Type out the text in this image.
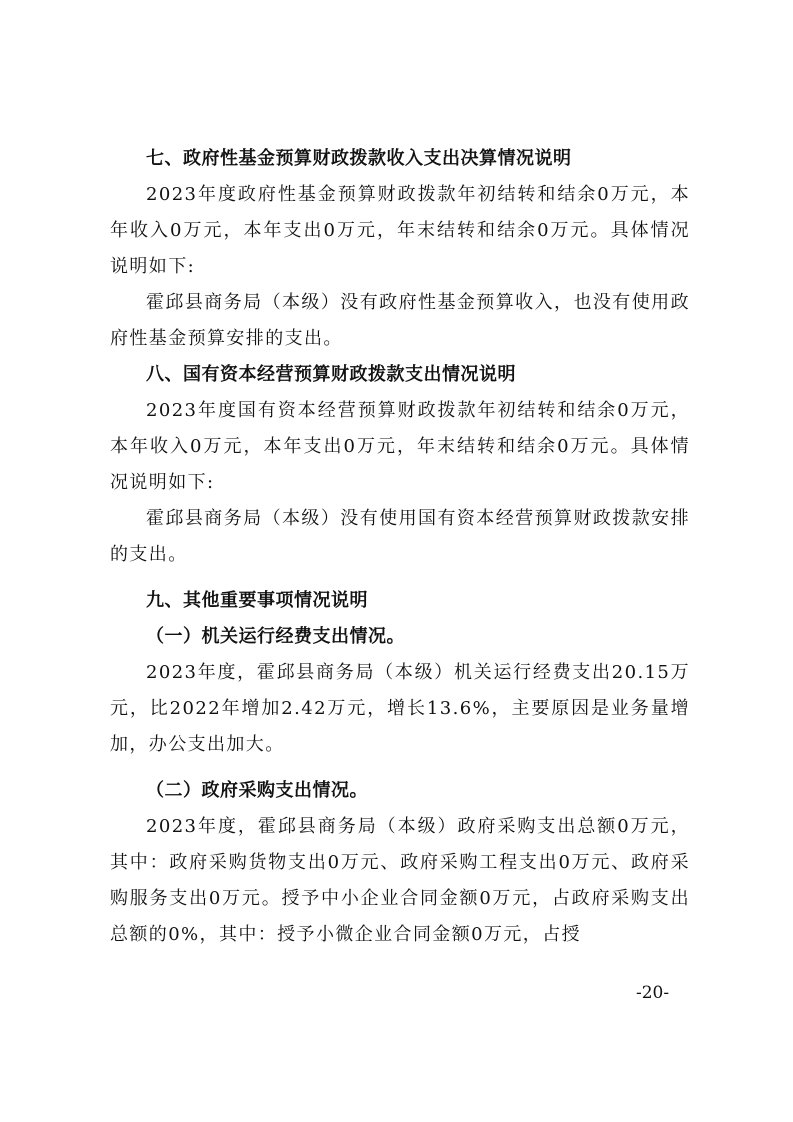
七、政府性基金预算财政拨款收入支出决算情况说明

2023年度政府性基金预算财政拨款年初结转和结余0万元，本年收入0万元，本年支出0万元，年末结转和结余0万元。具体情况说明如下:

霍邱县商务局（本级）没有政府性基金预算收入，也没有使用政府性基金预算安排的支出。

八、国有资本经营预算财政拨款支出情况说明

2023年度国有资本经营预算财政拨款年初结转和结余0万元，本年收入0万元，本年支出0万元，年末结转和结余0万元。具体情况说明如下:

霍邱县商务局（本级）没有使用国有资本经营预算财政拨款安排的支出。

九、其他重要事项情况说明
（一）机关运行经费支出情况。

2023年度，霍邱县商务局（本级）机关运行经费支出20.15万元，比2022年增加2.42万元，增长13.6%，主要原因是业务量增加，办公支出加大。

（二）政府采购支出情况。

2023年度，霍邱县商务局（本级）政府采购支出总额0万元，其中：政府采购货物支出0万元、政府采购工程支出0万元、政府采购服务支出0万元。授予中小企业合同金额0万元，占政府采购支出总额的0%，其中：授予小微企业合同金额0万元，占授

-20-
